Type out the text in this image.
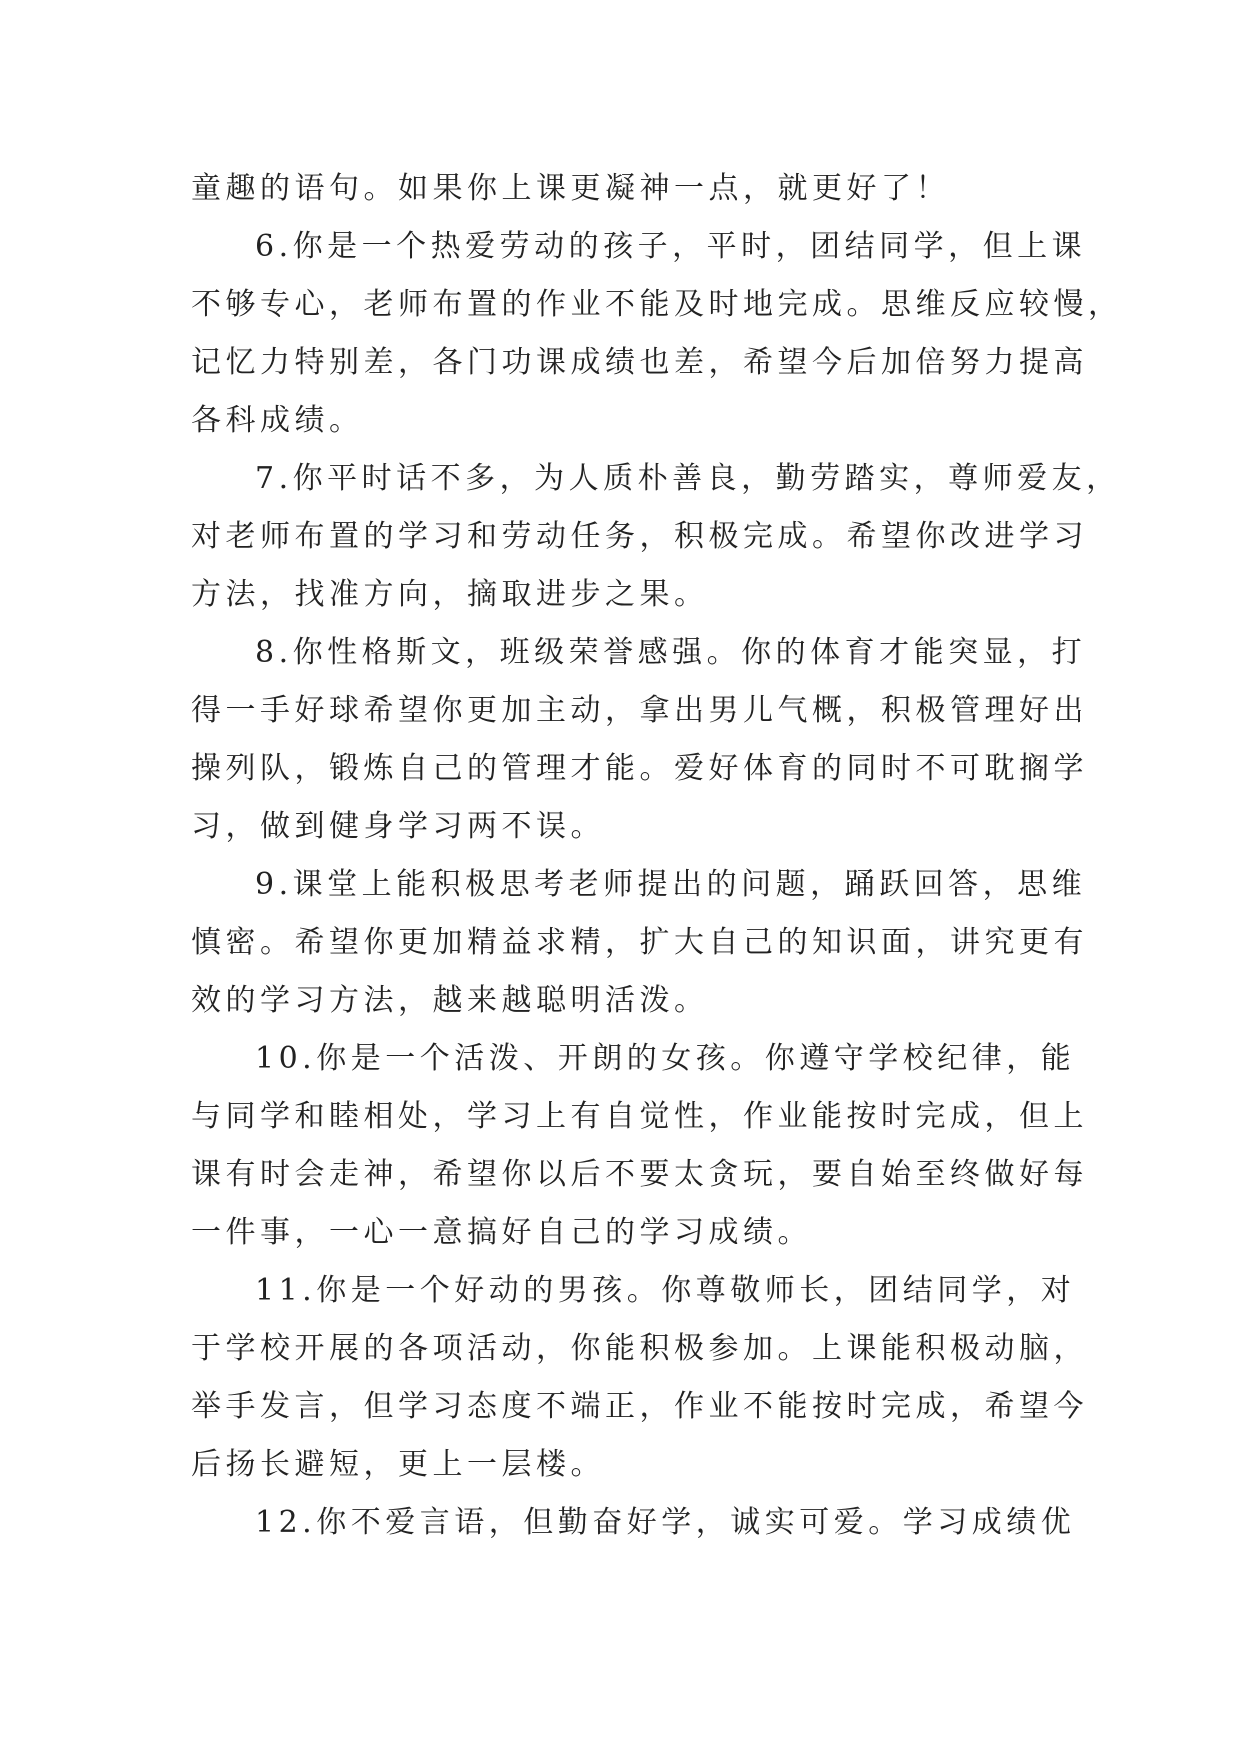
童趣的语句。如果你上课更凝神一点，就更好了！
6.你是一个热爱劳动的孩子，平时，团结同学，但上课
不够专心，老师布置的作业不能及时地完成。思维反应较慢，
记忆力特别差，各门功课成绩也差，希望今后加倍努力提高
各科成绩。
7.你平时话不多，为人质朴善良，勤劳踏实，尊师爱友，
对老师布置的学习和劳动任务，积极完成。希望你改进学习
方法，找准方向，摘取进步之果。
8.你性格斯文，班级荣誉感强。你的体育才能突显，打
得一手好球希望你更加主动，拿出男儿气概，积极管理好出
操列队，锻炼自己的管理才能。爱好体育的同时不可耽搁学
习，做到健身学习两不误。
9.课堂上能积极思考老师提出的问题，踊跃回答，思维
慎密。希望你更加精益求精，扩大自己的知识面，讲究更有
效的学习方法，越来越聪明活泼。
10.你是一个活泼、开朗的女孩。你遵守学校纪律，能
与同学和睦相处，学习上有自觉性，作业能按时完成，但上
课有时会走神，希望你以后不要太贪玩，要自始至终做好每
一件事，一心一意搞好自己的学习成绩。
11.你是一个好动的男孩。你尊敬师长，团结同学，对
于学校开展的各项活动，你能积极参加。上课能积极动脑，
举手发言，但学习态度不端正，作业不能按时完成，希望今
后扬长避短，更上一层楼。
12.你不爱言语，但勤奋好学，诚实可爱。学习成绩优
